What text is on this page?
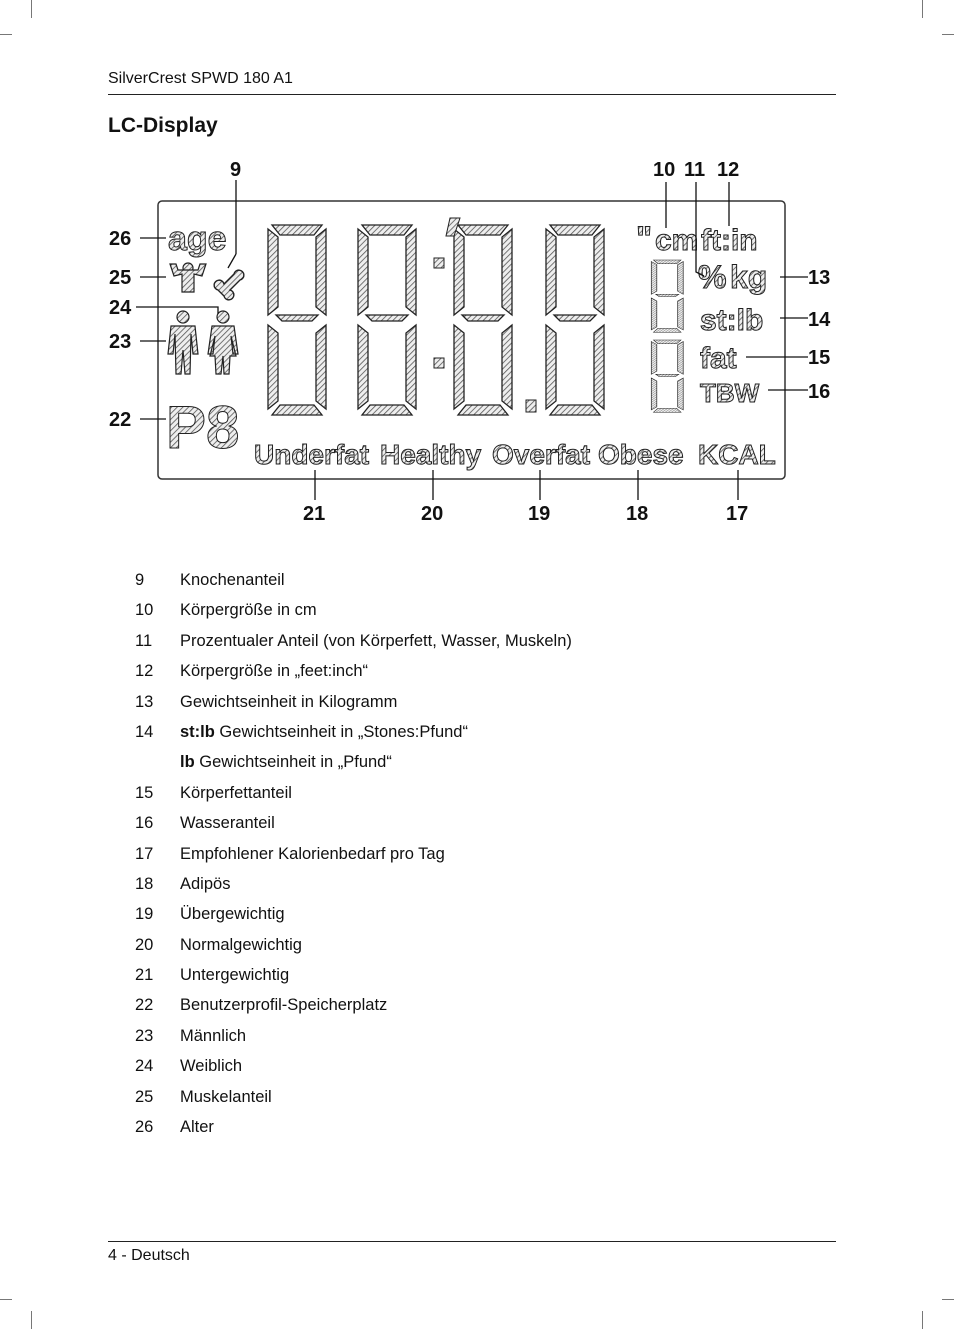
SilverCrest SPWD 180 A1
LC-Display
" cm ft:in
% kg
st:lb
fat
TBW
KCAL
age
P8 Underfat Healthy Overfat Obese
9	10 11 12
13
14
15
16
17
18
19
20
21
22
23
24
25
26
9	Knochenanteil
10	Körpergröße in cm
11	Prozentualer Anteil (von Körperfett, Wasser, Muskeln)
12	Körpergröße in „feet:inch“
13	Gewichtseinheit in Kilogramm
14	st:lb Gewichtseinheit in „Stones:Pfund“
lb Gewichtseinheit in „Pfund“
15	Körperfettanteil
16	Wasseranteil
17	Empfohlener Kalorienbedarf pro Tag
18	Adipös
19	Übergewichtig
20	Normalgewichtig
21	Untergewichtig
22	Benutzerprofil-Speicherplatz
23	Männlich
24	Weiblich
25	Muskelanteil
26	Alter
4 - Deutsch
